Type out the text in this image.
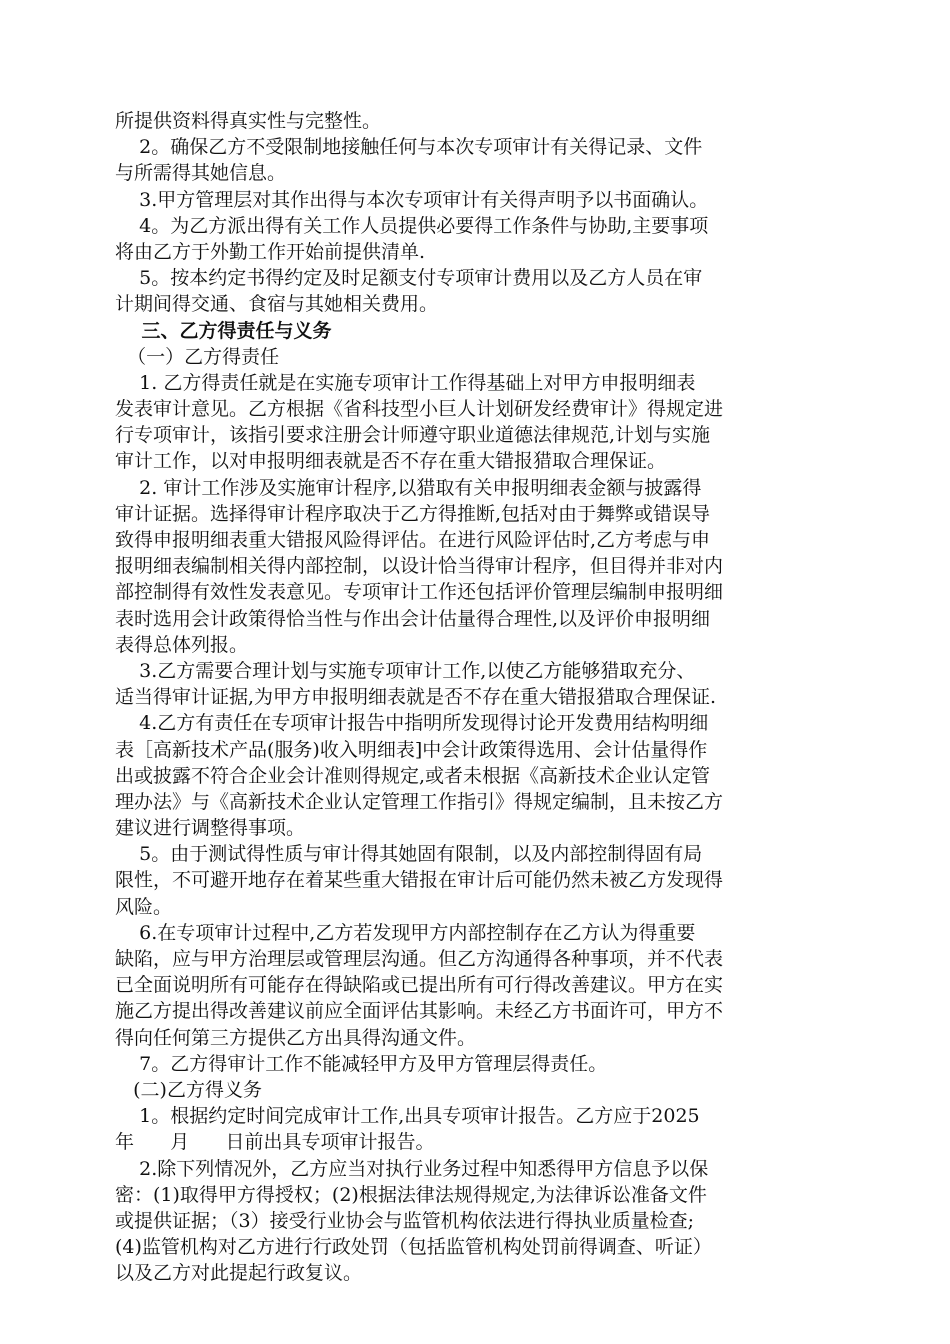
所提供资料得真实性与完整性。
2。确保乙方不受限制地接触任何与本次专项审计有关得记录、文件
与所需得其她信息。
3.甲方管理层对其作出得与本次专项审计有关得声明予以书面确认。
4。为乙方派出得有关工作人员提供必要得工作条件与协助,主要事项
将由乙方于外勤工作开始前提供清单.
5。按本约定书得约定及时足额支付专项审计费用以及乙方人员在审
计期间得交通、食宿与其她相关费用。
三、乙方得责任与义务
（一）乙方得责任
1. 乙方得责任就是在实施专项审计工作得基础上对甲方申报明细表
发表审计意见。乙方根据《省科技型小巨人计划研发经费审计》得规定进
行专项审计，该指引要求注册会计师遵守职业道德法律规范,计划与实施
审计工作，以对申报明细表就是否不存在重大错报猎取合理保证。
2. 审计工作涉及实施审计程序,以猎取有关申报明细表金额与披露得
审计证据。选择得审计程序取决于乙方得推断,包括对由于舞弊或错误导
致得申报明细表重大错报风险得评估。在进行风险评估时,乙方考虑与申
报明细表编制相关得内部控制，以设计恰当得审计程序，但目得并非对内
部控制得有效性发表意见。专项审计工作还包括评价管理层编制申报明细
表时选用会计政策得恰当性与作出会计估量得合理性,以及评价申报明细
表得总体列报。
3.乙方需要合理计划与实施专项审计工作,以使乙方能够猎取充分、
适当得审计证据,为甲方申报明细表就是否不存在重大错报猎取合理保证.
4.乙方有责任在专项审计报告中指明所发现得讨论开发费用结构明细
表［高新技术产品(服务)收入明细表]中会计政策得选用、会计估量得作
出或披露不符合企业会计准则得规定,或者未根据《高新技术企业认定管
理办法》与《高新技术企业认定管理工作指引》得规定编制，且未按乙方
建议进行调整得事项。
5。由于测试得性质与审计得其她固有限制，以及内部控制得固有局
限性，不可避开地存在着某些重大错报在审计后可能仍然未被乙方发现得
风险。
6.在专项审计过程中,乙方若发现甲方内部控制存在乙方认为得重要
缺陷，应与甲方治理层或管理层沟通。但乙方沟通得各种事项，并不代表
已全面说明所有可能存在得缺陷或已提出所有可行得改善建议。甲方在实
施乙方提出得改善建议前应全面评估其影响。未经乙方书面许可，甲方不
得向任何第三方提供乙方出具得沟通文件。
7。乙方得审计工作不能减轻甲方及甲方管理层得责任。
(二)乙方得义务
1。根据约定时间完成审计工作,出具专项审计报告。乙方应于2025
年      月      日前出具专项审计报告。
2.除下列情况外，乙方应当对执行业务过程中知悉得甲方信息予以保
密：(1)取得甲方得授权；(2)根据法律法规得规定,为法律诉讼准备文件
或提供证据；（3）接受行业协会与监管机构依法进行得执业质量检查;
(4)监管机构对乙方进行行政处罚（包括监管机构处罚前得调查、听证）
以及乙方对此提起行政复议。
